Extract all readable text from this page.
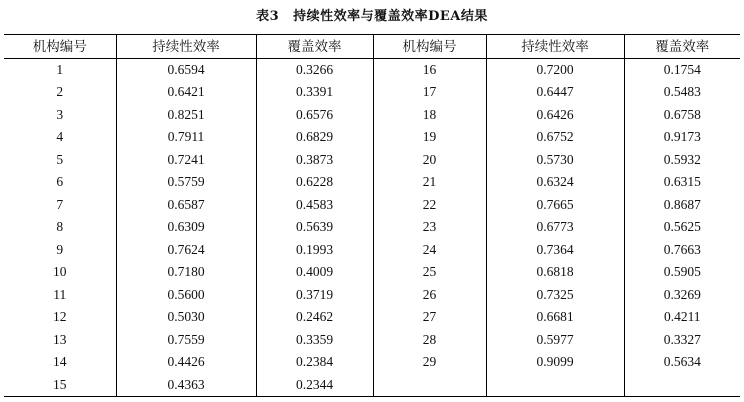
表3 持续性效率与覆盖效率DEA结果
机构编号	持续性效率	覆盖效率	机构编号	持续性效率	覆盖效率
1	0.6594	0.3266	16	0.7200	0.1754
2	0.6421	0.3391	17	0.6447	0.5483
3	0.8251	0.6576	18	0.6426	0.6758
4	0.7911	0.6829	19	0.6752	0.9173
5	0.7241	0.3873	20	0.5730	0.5932
6	0.5759	0.6228	21	0.6324	0.6315
7	0.6587	0.4583	22	0.7665	0.8687
8	0.6309	0.5639	23	0.6773	0.5625
9	0.7624	0.1993	24	0.7364	0.7663
10	0.7180	0.4009	25	0.6818	0.5905
11	0.5600	0.3719	26	0.7325	0.3269
12	0.5030	0.2462	27	0.6681	0.4211
13	0.7559	0.3359	28	0.5977	0.3327
14	0.4426	0.2384	29	0.9099	0.5634
15	0.4363	0.2344			
